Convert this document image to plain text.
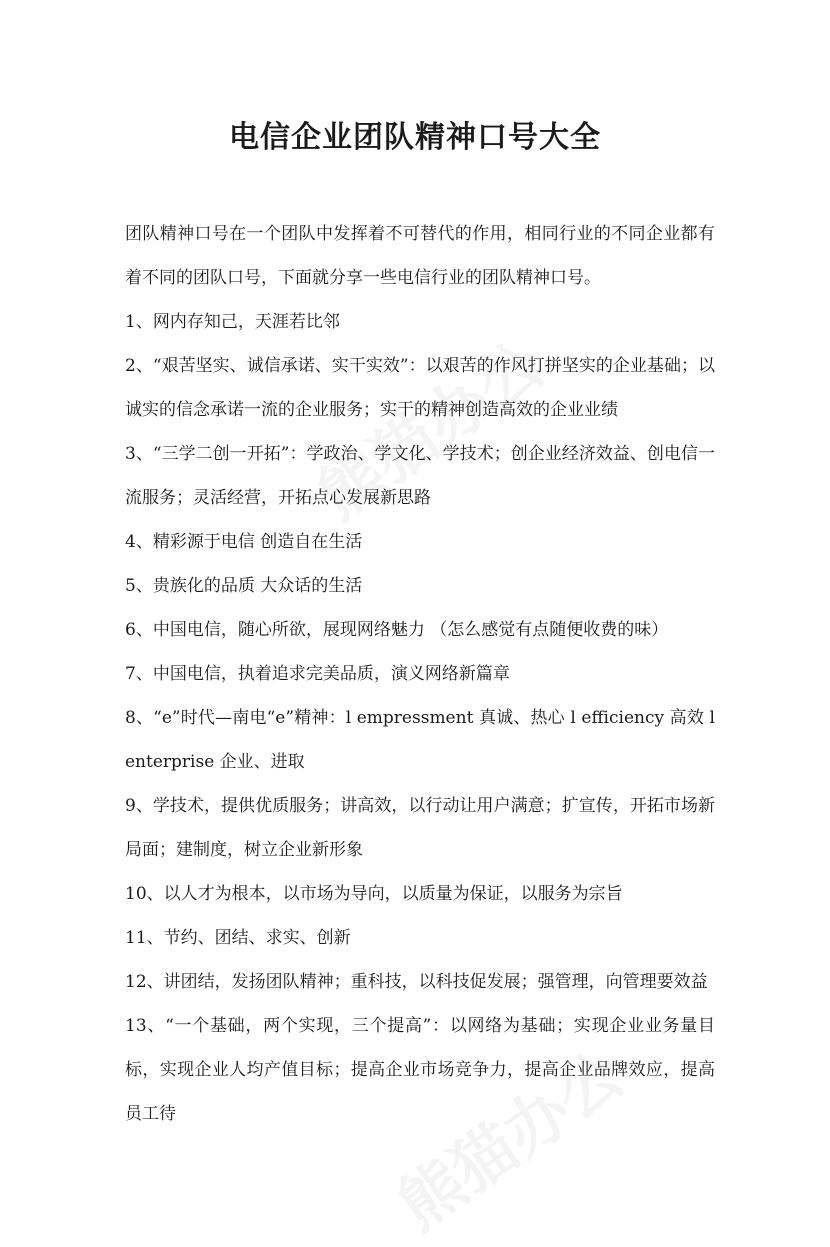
电信企业团队精神口号大全

团队精神口号在一个团队中发挥着不可替代的作用，相同行业的不同企业都有着不同的团队口号，下面就分享一些电信行业的团队精神口号。

1、网内存知己，天涯若比邻

2、“艰苦坚实、诚信承诺、实干实效”：以艰苦的作风打拼坚实的企业基础；以诚实的信念承诺一流的企业服务；实干的精神创造高效的企业业绩

3、“三学二创一开拓”：学政治、学文化、学技术；创企业经济效益、创电信一流服务；灵活经营，开拓点心发展新思路

4、精彩源于电信 创造自在生活

5、贵族化的品质 大众话的生活

6、中国电信，随心所欲，展现网络魅力 （怎么感觉有点随便收费的味）

7、中国电信，执着追求完美品质，演义网络新篇章

8、“e”时代—南电“e”精神：l empressment 真诚、热心 l efficiency 高效 l enterprise 企业、进取

9、学技术，提供优质服务；讲高效，以行动让用户满意；扩宣传，开拓市场新局面；建制度，树立企业新形象

10、以人才为根本，以市场为导向，以质量为保证，以服务为宗旨

11、节约、团结、求实、创新

12、讲团结，发扬团队精神；重科技，以科技促发展；强管理，向管理要效益

13、“一个基础，两个实现，三个提高”：以网络为基础；实现企业业务量目标，实现企业人均产值目标；提高企业市场竞争力，提高企业品牌效应，提高员工待
